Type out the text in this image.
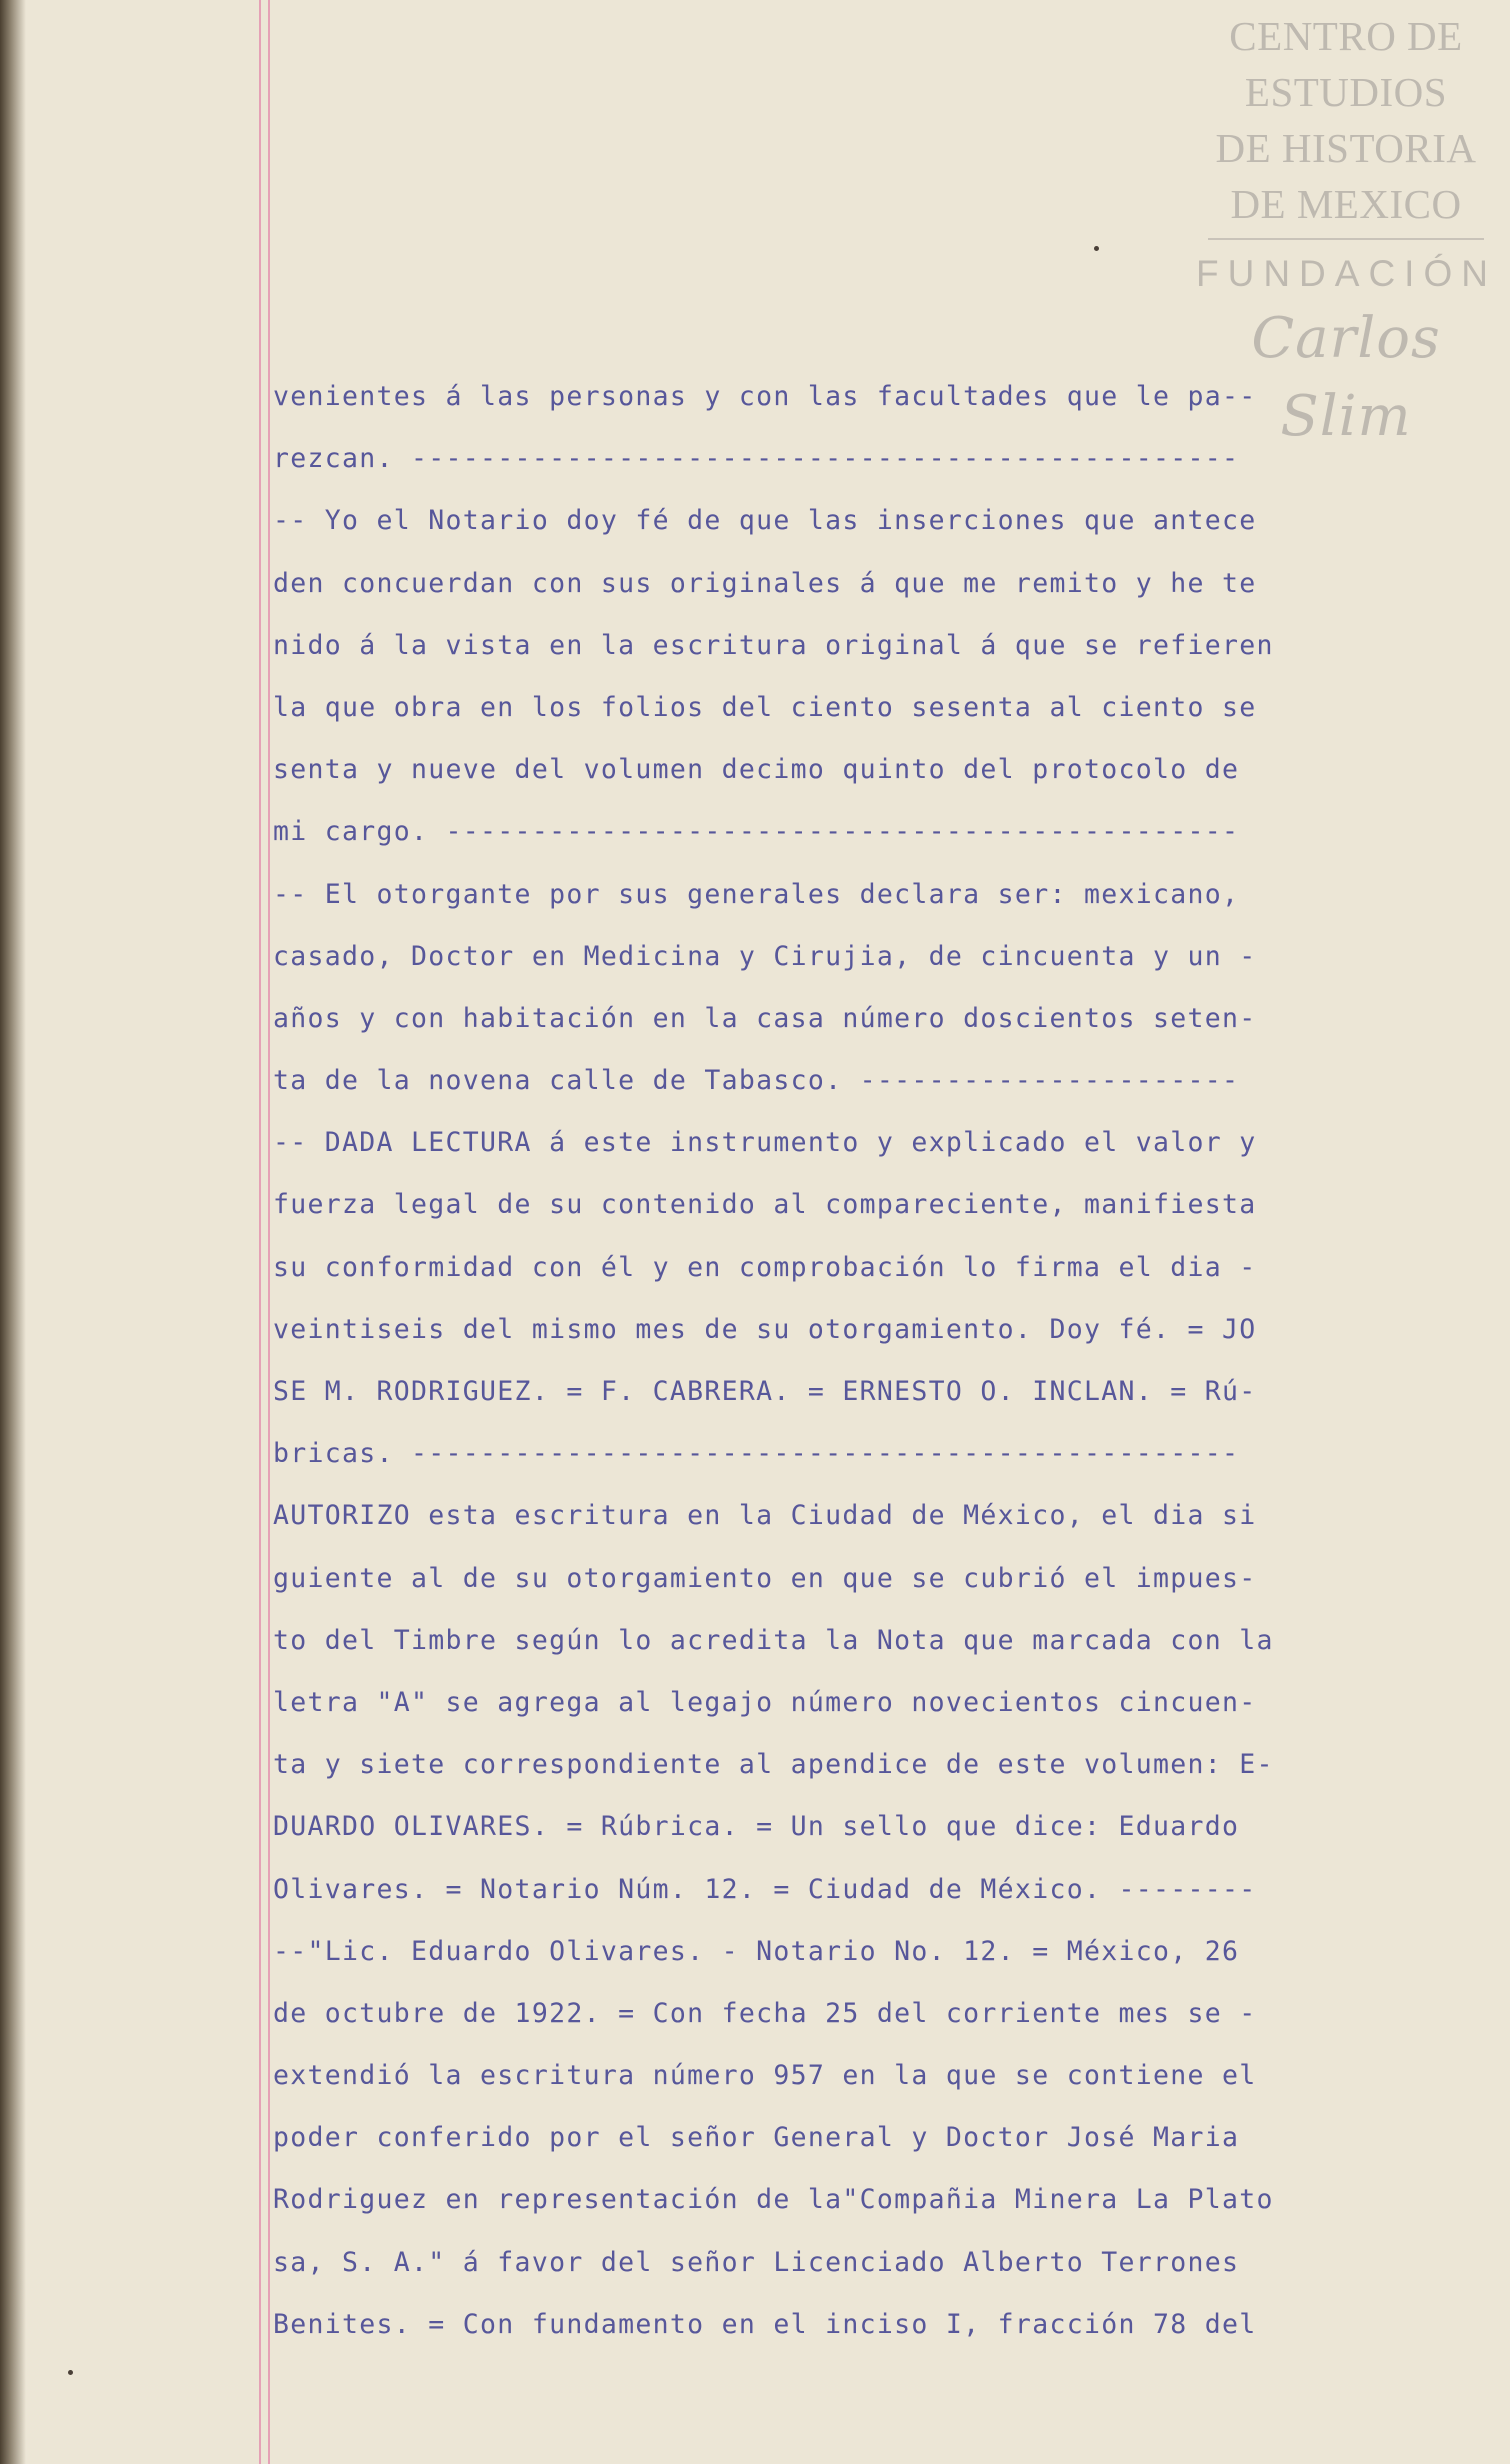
CENTRO DE
ESTUDIOS
DE HISTORIA
DE MEXICO
FUNDACIÓN
Carlos Slim
venientes á las personas y con las facultades que le pa--
rezcan. ------------------------------------------------
-- Yo el Notario doy fé de que las inserciones que antece
den concuerdan con sus originales á que me remito y he te
nido á la vista en la escritura original á que se refieren
la que obra en los folios del ciento sesenta al ciento se
senta y nueve del volumen decimo quinto del protocolo de
mi cargo. ----------------------------------------------
-- El otorgante por sus generales declara ser: mexicano,
casado, Doctor en Medicina y Cirujia, de cincuenta y un -
años y con habitación en la casa número doscientos seten-
ta de la novena calle de Tabasco. ----------------------
-- DADA LECTURA á este instrumento y explicado el valor y
fuerza legal de su contenido al compareciente, manifiesta
su conformidad con él y en comprobación lo firma el dia -
veintiseis del mismo mes de su otorgamiento. Doy fé. = JO
SE M. RODRIGUEZ. = F. CABRERA. = ERNESTO O. INCLAN. = Rú-
bricas. ------------------------------------------------
AUTORIZO esta escritura en la Ciudad de México, el dia si
guiente al de su otorgamiento en que se cubrió el impues-
to del Timbre según lo acredita la Nota que marcada con la
letra "A" se agrega al legajo número novecientos cincuen-
ta y siete correspondiente al apendice de este volumen: E-
DUARDO OLIVARES. = Rúbrica. = Un sello que dice: Eduardo
Olivares. = Notario Núm. 12. = Ciudad de México. --------
--"Lic. Eduardo Olivares. - Notario No. 12. = México, 26
de octubre de 1922. = Con fecha 25 del corriente mes se -
extendió la escritura número 957 en la que se contiene el
poder conferido por el señor General y Doctor José Maria
Rodriguez en representación de la"Compañia Minera La Plato
sa, S. A." á favor del señor Licenciado Alberto Terrones
Benites. = Con fundamento en el inciso I, fracción 78 del
